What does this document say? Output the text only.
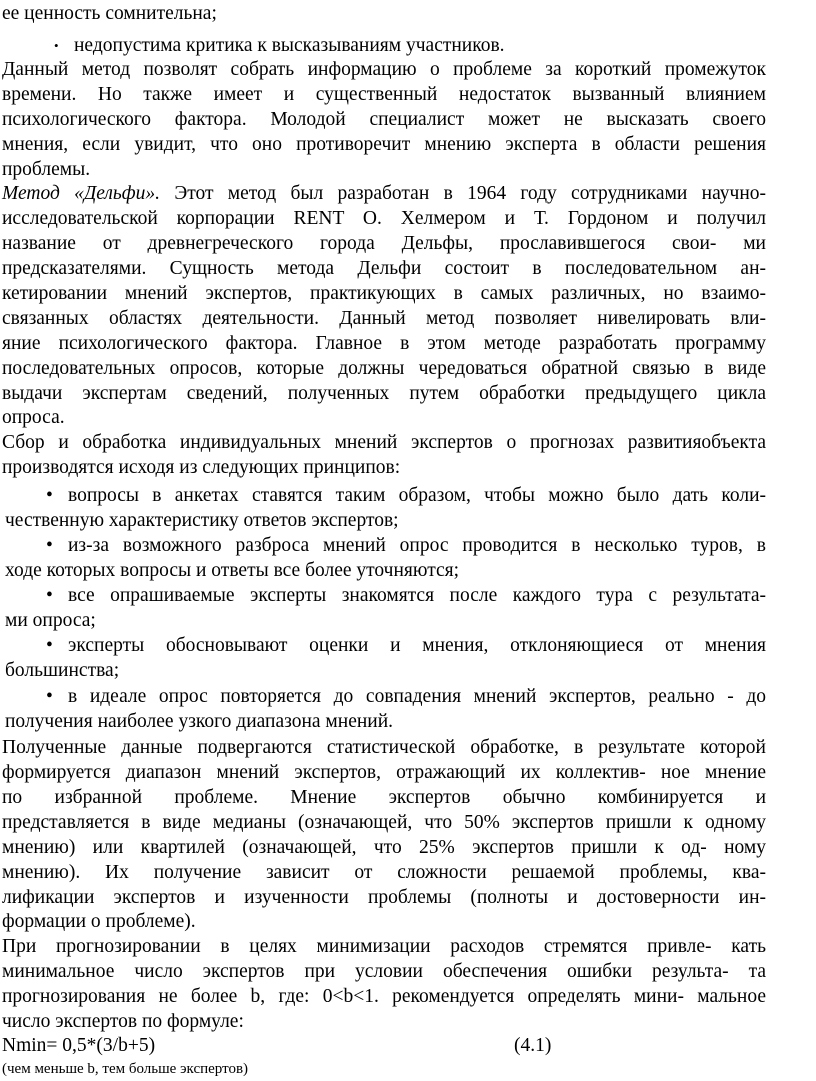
ее ценность сомнительна;
• недопустима критика к высказываниям участников.
Данный метод позволят собрать информацию о проблеме за короткий промежуток
времени. Но также имеет и существенный недостаток вызванный влиянием
психологического фактора. Молодой специалист может не высказать своего
мнения, если увидит, что оно противоречит мнению эксперта в области решения
проблемы.
Метод «Дельфи». Этот метод был разработан в 1964 году сотрудниками научно-
исследовательской корпорации RENT О. Хелмером и Т. Гордоном и получил
название от древнегреческого города Дельфы, прославившегося свои- ми
предсказателями. Сущность метода Дельфи состоит в последовательном ан-
кетировании мнений экспертов, практикующих в самых различных, но взаимо-
связанных областях деятельности. Данный метод позволяет нивелировать вли-
яние психологического фактора. Главное в этом методе разработать программу
последовательных опросов, которые должны чередоваться обратной связью в виде
выдачи экспертам сведений, полученных путем обработки предыдущего цикла
опроса.
Сбор и обработка индивидуальных мнений экспертов о прогнозах развитияобъекта
производятся исходя из следующих принципов:
• вопросы в анкетах ставятся таким образом, чтобы можно было дать коли-
чественную характеристику ответов экспертов;
• из-за возможного разброса мнений опрос проводится в несколько туров, в
ходе которых вопросы и ответы все более уточняются;
• все опрашиваемые эксперты знакомятся после каждого тура с результата-
ми опроса;
• эксперты обосновывают оценки и мнения, отклоняющиеся от мнения
большинства;
• в идеале опрос повторяется до совпадения мнений экспертов, реально - до
получения наиболее узкого диапазона мнений.
Полученные данные подвергаются статистической обработке, в результате которой
формируется диапазон мнений экспертов, отражающий их коллектив- ное мнение
по избранной проблеме. Мнение экспертов обычно комбинируется и
представляется в виде медианы (означающей, что 50% экспертов пришли к одному
мнению) или квартилей (означающей, что 25% экспертов пришли к од- ному
мнению). Их получение зависит от сложности решаемой проблемы, ква-
лификации экспертов и изученности проблемы (полноты и достоверности ин-
формации о проблеме).
При прогнозировании в целях минимизации расходов стремятся привле- кать
минимальное число экспертов при условии обеспечения ошибки результа- та
прогнозирования не более b, где: 0<b<1. рекомендуется определять мини- мальное
число экспертов по формуле:
Nmin= 0,5*(3/b+5)	(4.1)
(чем меньше b, тем больше экспертов)
